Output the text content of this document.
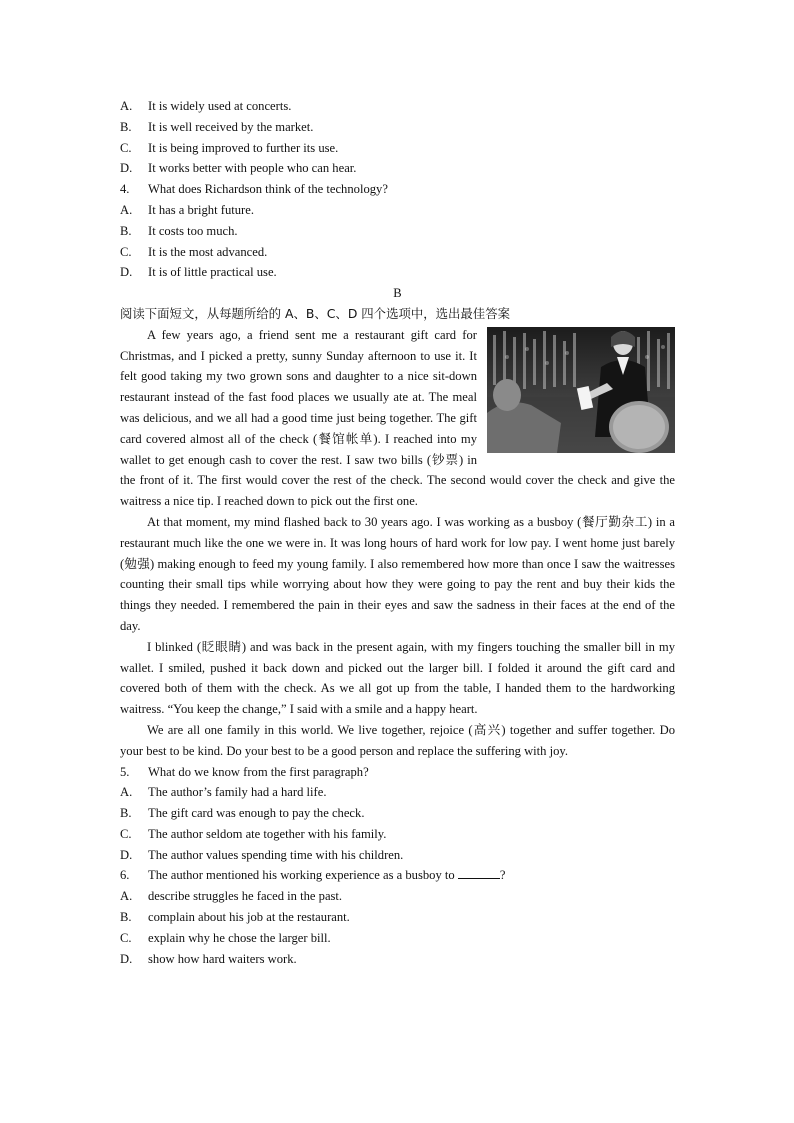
A.	It is widely used at concerts.
B.	It is well received by the market.
C.	It is being improved to further its use.
D.	It works better with people who can hear.
4.	What does Richardson think of the technology?
A.	It has a bright future.
B.	It costs too much.
C.	It is the most advanced.
D.	It is of little practical use.
B
阅读下面短文，从每题所给的 A、B、C、D 四个选项中，选出最佳答案

A few years ago, a friend sent me a restaurant gift card for Christmas, and I picked a pretty, sunny Sunday afternoon to use it. It felt good taking my two grown sons and daughter to a nice sit-down restaurant instead of the fast food places we usually ate at. The meal was delicious, and we all had a good time just being together. The gift card covered almost all of the check (餐馆帐单). I reached into my wallet to get enough cash to cover the rest. I saw two bills (钞票) in the front of it. The first would cover the rest of the check. The second would cover the check and give the waitress a nice tip. I reached down to pick out the first one.

At that moment, my mind flashed back to 30 years ago. I was working as a busboy (餐厅勤杂工) in a restaurant much like the one we were in. It was long hours of hard work for low pay. I went home just barely (勉强) making enough to feed my young family. I also remembered how more than once I saw the waitresses counting their small tips while worrying about how they were going to pay the rent and buy their kids the things they needed. I remembered the pain in their eyes and saw the sadness in their faces at the end of the day.

I blinked (眨眼睛) and was back in the present again, with my fingers touching the smaller bill in my wallet. I smiled, pushed it back down and picked out the larger bill. I folded it around the gift card and covered both of them with the check. As we all got up from the table, I handed them to the hardworking waitress. “You keep the change,” I said with a smile and a happy heart.

We are all one family in this world. We live together, rejoice (高兴) together and suffer together. Do your best to be kind. Do your best to be a good person and replace the suffering with joy.

5.	What do we know from the first paragraph?
A.	The author’s family had a hard life.
B.	The gift card was enough to pay the check.
C.	The author seldom ate together with his family.
D.	The author values spending time with his children.
6.	The author mentioned his working experience as a busboy to	?
A.	describe struggles he faced in the past.
B.	complain about his job at the restaurant.
C.	explain why he chose the larger bill.
D.	show how hard waiters work.
